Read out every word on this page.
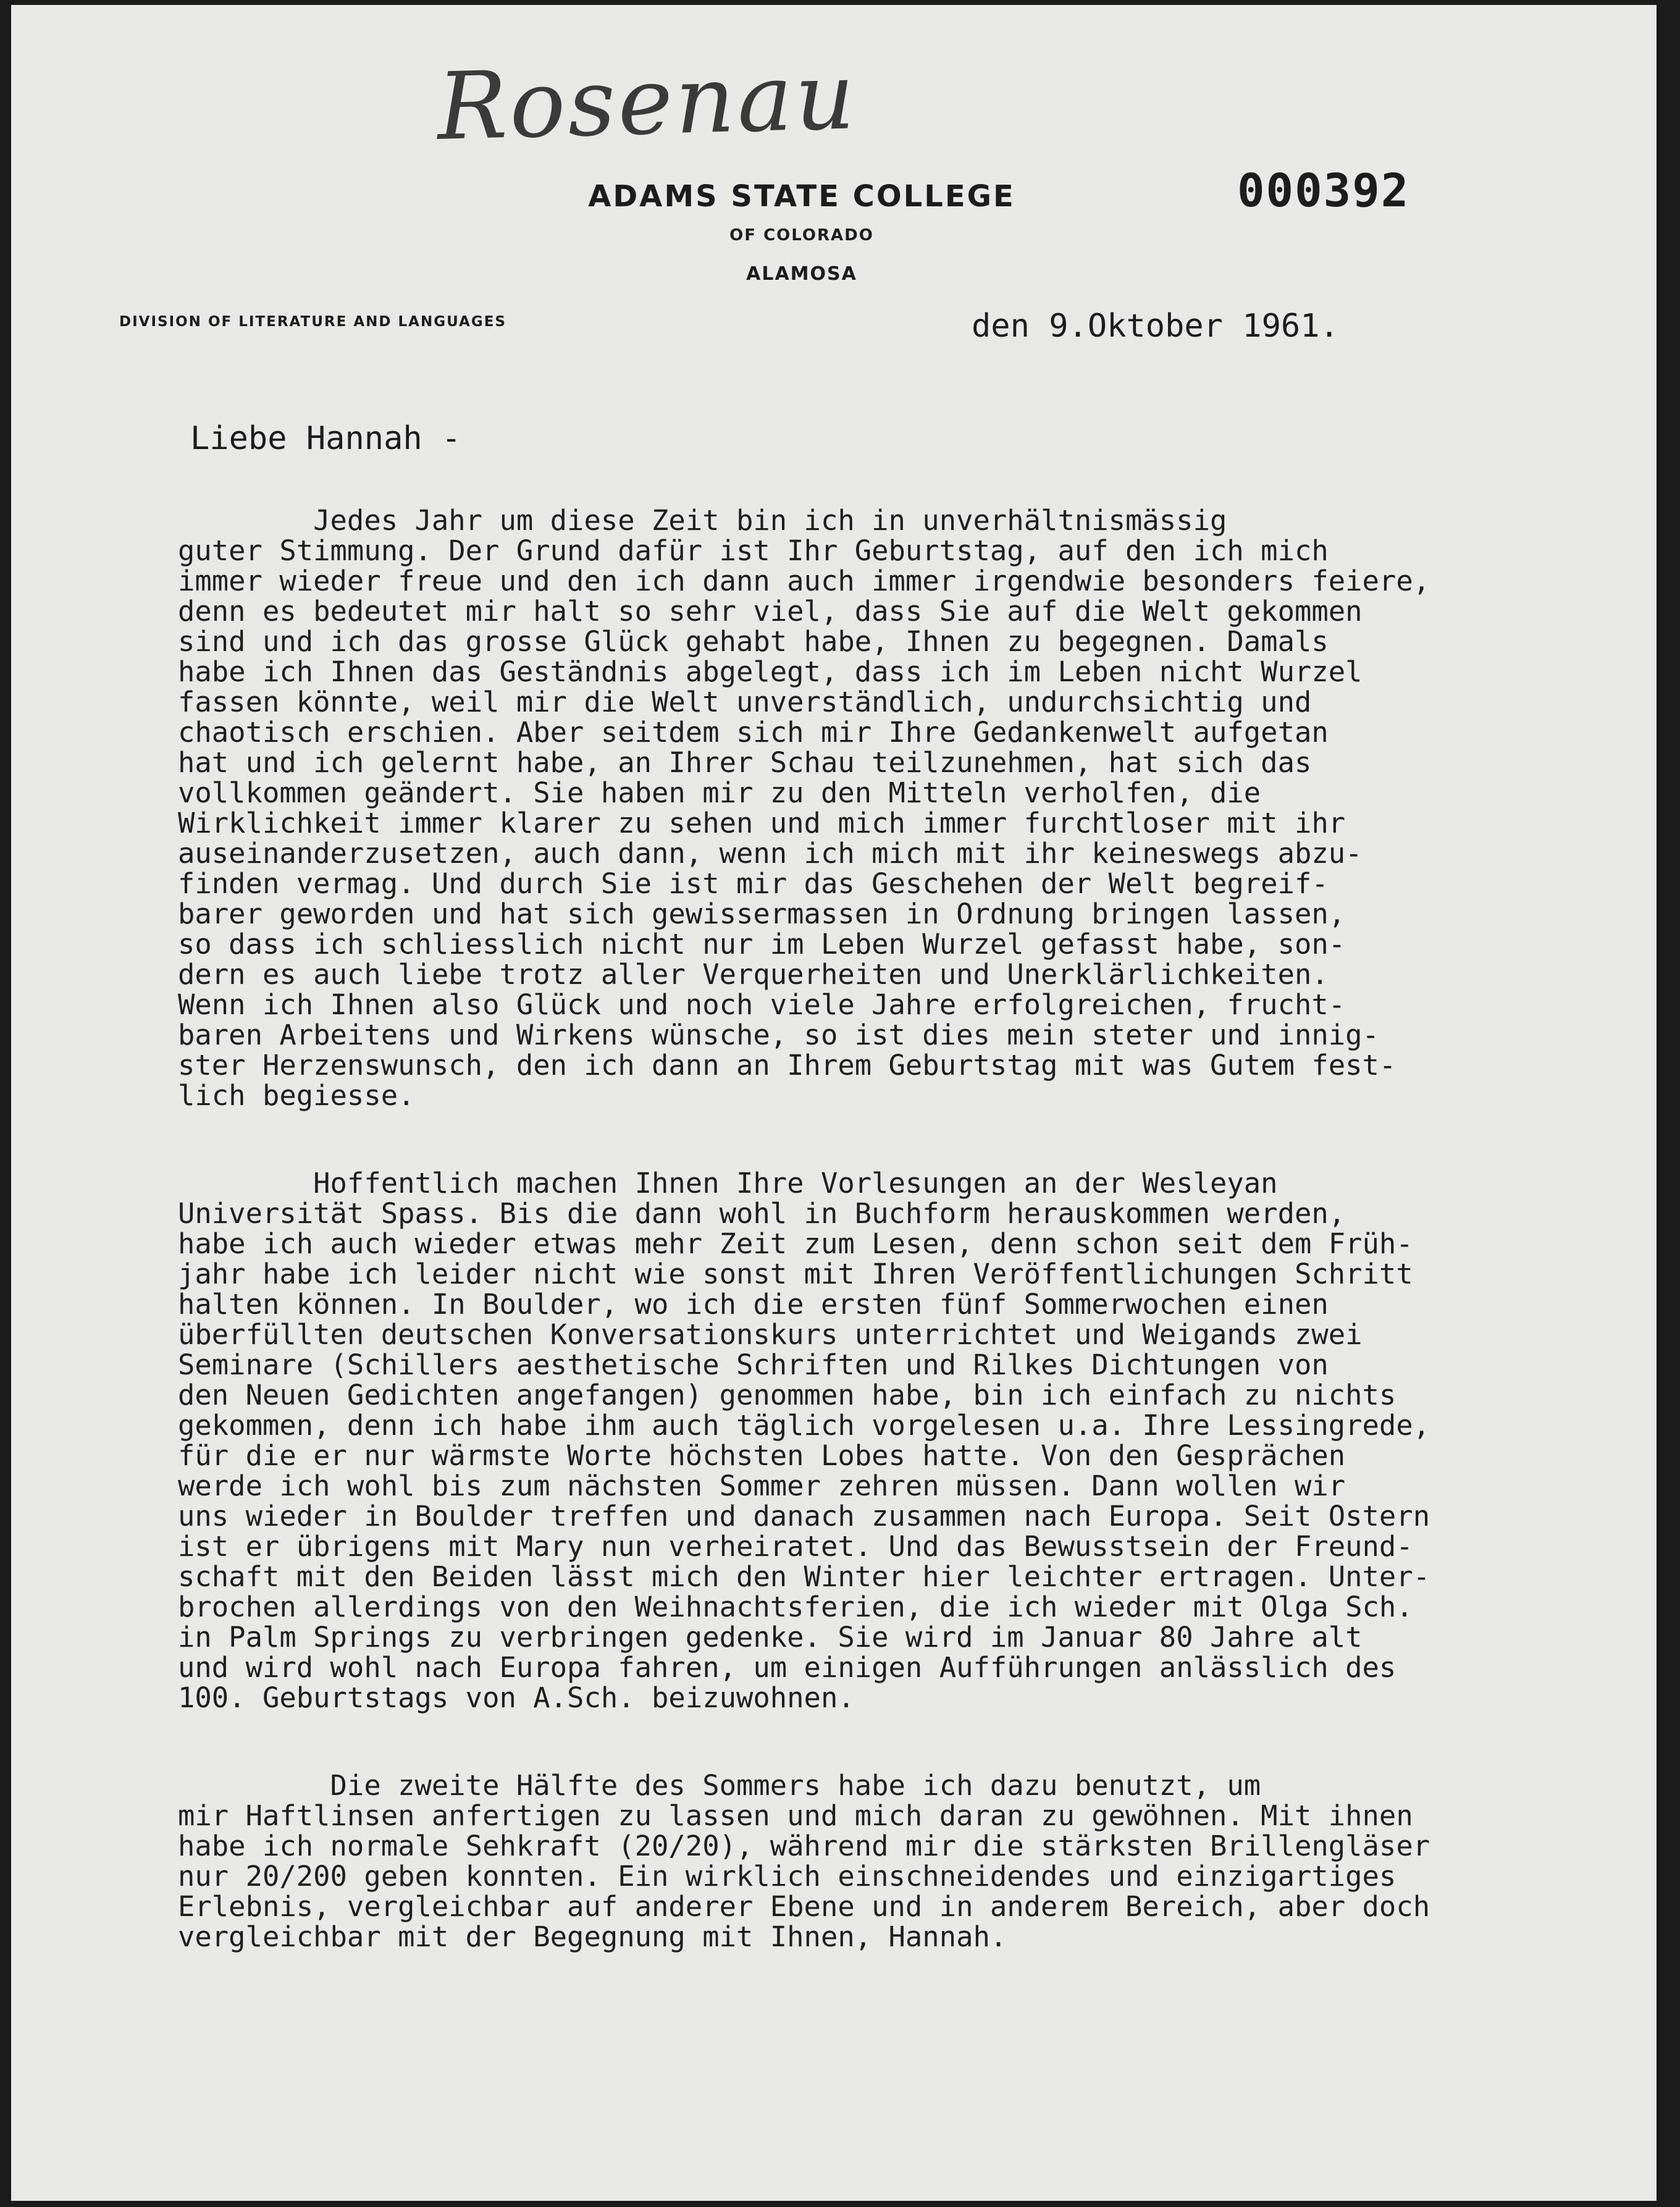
Rosenau
000392
ADAMS STATE COLLEGE
OF COLORADO
ALAMOSA
DIVISION OF LITERATURE AND LANGUAGES	den 9.Oktober 1961.
Liebe Hannah -
Jedes Jahr um diese Zeit bin ich in unverhältnismässig
guter Stimmung. Der Grund dafür ist Ihr Geburtstag, auf den ich mich
immer wieder freue und den ich dann auch immer irgendwie besonders feiere,
denn es bedeutet mir halt so sehr viel, dass Sie auf die Welt gekommen
sind und ich das grosse Glück gehabt habe, Ihnen zu begegnen. Damals
habe ich Ihnen das Geständnis abgelegt, dass ich im Leben nicht Wurzel
fassen könnte, weil mir die Welt unverständlich, undurchsichtig und
chaotisch erschien. Aber seitdem sich mir Ihre Gedankenwelt aufgetan
hat und ich gelernt habe, an Ihrer Schau teilzunehmen, hat sich das
vollkommen geändert. Sie haben mir zu den Mitteln verholfen, die
Wirklichkeit immer klarer zu sehen und mich immer furchtloser mit ihr
auseinanderzusetzen, auch dann, wenn ich mich mit ihr keineswegs abzu-
finden vermag. Und durch Sie ist mir das Geschehen der Welt begreif-
barer geworden und hat sich gewissermassen in Ordnung bringen lassen,
so dass ich schliesslich nicht nur im Leben Wurzel gefasst habe, son-
dern es auch liebe trotz aller Verquerheiten und Unerklärlichkeiten.
Wenn ich Ihnen also Glück und noch viele Jahre erfolgreichen, frucht-
baren Arbeitens und Wirkens wünsche, so ist dies mein steter und innig-
ster Herzenswunsch, den ich dann an Ihrem Geburtstag mit was Gutem fest-
lich begiesse.
Hoffentlich machen Ihnen Ihre Vorlesungen an der Wesleyan
Universität Spass. Bis die dann wohl in Buchform herauskommen werden,
habe ich auch wieder etwas mehr Zeit zum Lesen, denn schon seit dem Früh-
jahr habe ich leider nicht wie sonst mit Ihren Veröffentlichungen Schritt
halten können. In Boulder, wo ich die ersten fünf Sommerwochen einen
überfüllten deutschen Konversationskurs unterrichtet und Weigands zwei
Seminare (Schillers aesthetische Schriften und Rilkes Dichtungen von
den Neuen Gedichten angefangen) genommen habe, bin ich einfach zu nichts
gekommen, denn ich habe ihm auch täglich vorgelesen u.a. Ihre Lessingrede,
für die er nur wärmste Worte höchsten Lobes hatte. Von den Gesprächen
werde ich wohl bis zum nächsten Sommer zehren müssen. Dann wollen wir
uns wieder in Boulder treffen und danach zusammen nach Europa. Seit Ostern
ist er übrigens mit Mary nun verheiratet. Und das Bewusstsein der Freund-
schaft mit den Beiden lässt mich den Winter hier leichter ertragen. Unter-
brochen allerdings von den Weihnachtsferien, die ich wieder mit Olga Sch.
in Palm Springs zu verbringen gedenke. Sie wird im Januar 80 Jahre alt
und wird wohl nach Europa fahren, um einigen Aufführungen anlässlich des
100. Geburtstags von A.Sch. beizuwohnen.
Die zweite Hälfte des Sommers habe ich dazu benutzt, um
mir Haftlinsen anfertigen zu lassen und mich daran zu gewöhnen. Mit ihnen
habe ich normale Sehkraft (20/20), während mir die stärksten Brillengläser
nur 20/200 geben konnten. Ein wirklich einschneidendes und einzigartiges
Erlebnis, vergleichbar auf anderer Ebene und in anderem Bereich, aber doch
vergleichbar mit der Begegnung mit Ihnen, Hannah.
